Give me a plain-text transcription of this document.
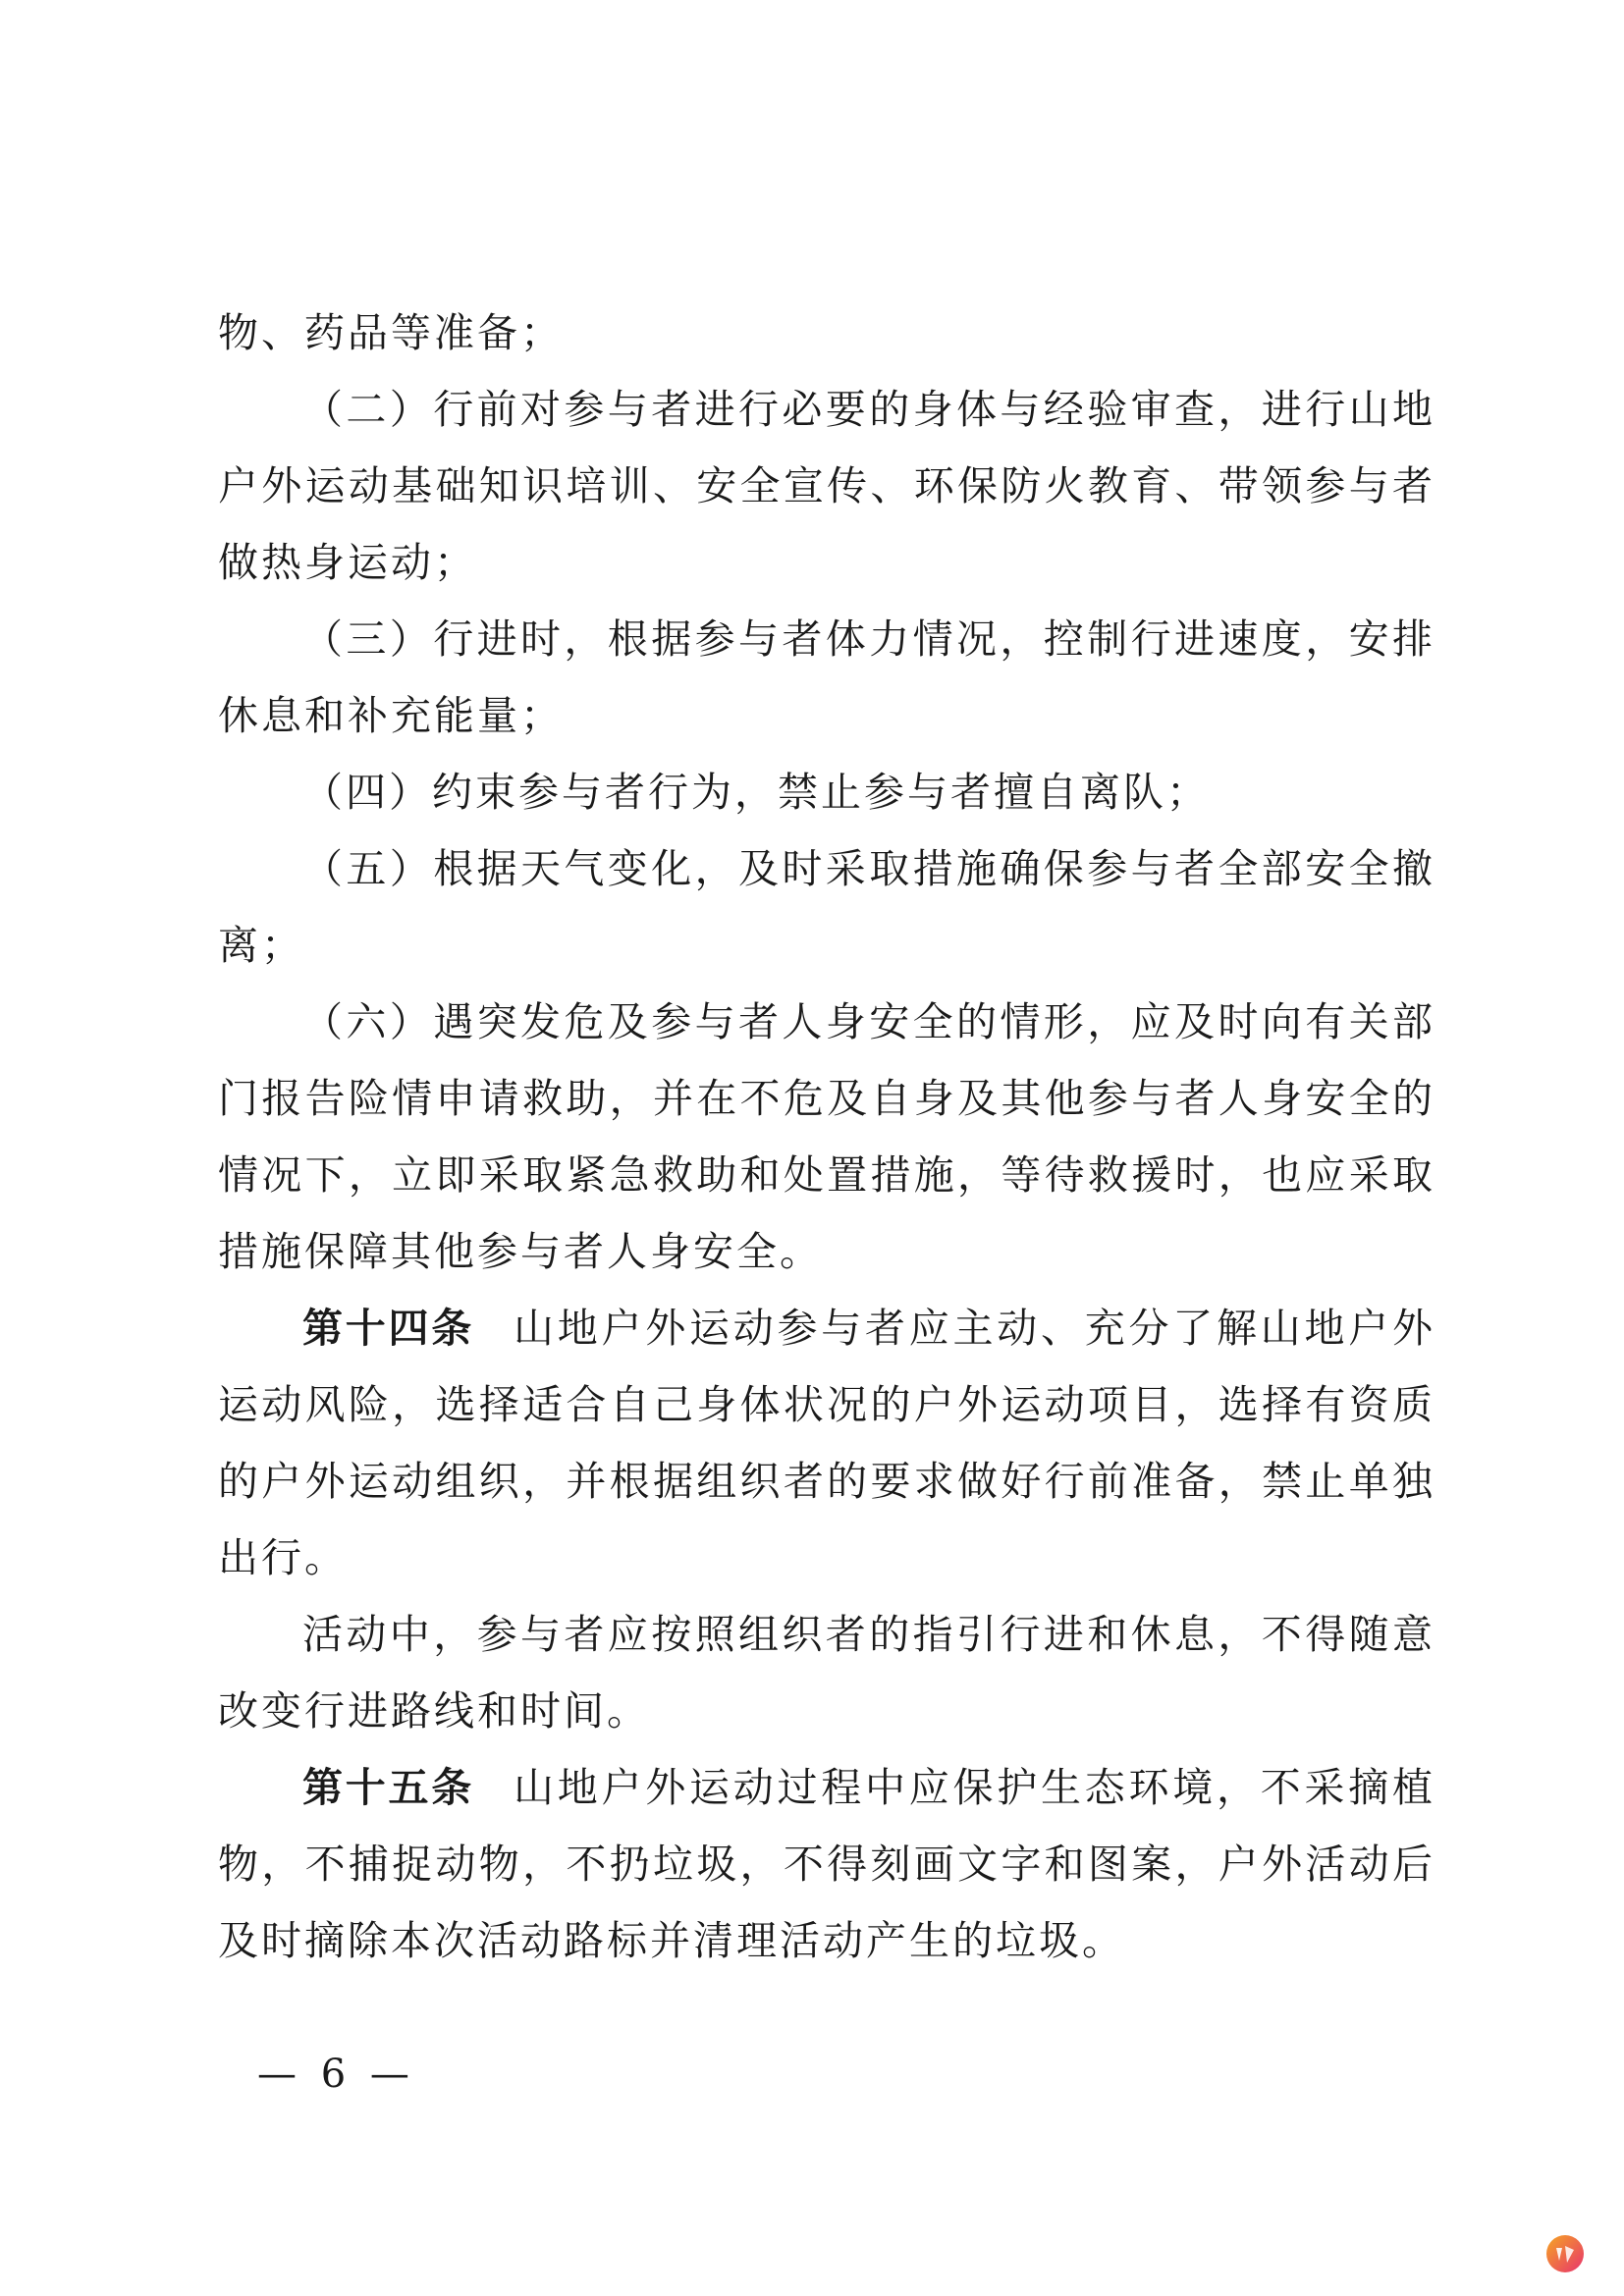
物、药品等准备；

（二）行前对参与者进行必要的身体与经验审查，进行山地户外运动基础知识培训、安全宣传、环保防火教育、带领参与者做热身运动；

（三）行进时，根据参与者体力情况，控制行进速度，安排休息和补充能量；

（四）约束参与者行为，禁止参与者擅自离队；

（五）根据天气变化，及时采取措施确保参与者全部安全撤离；

（六）遇突发危及参与者人身安全的情形，应及时向有关部门报告险情申请救助，并在不危及自身及其他参与者人身安全的情况下，立即采取紧急救助和处置措施，等待救援时，也应采取措施保障其他参与者人身安全。

第十四条 山地户外运动参与者应主动、充分了解山地户外运动风险，选择适合自己身体状况的户外运动项目，选择有资质的户外运动组织，并根据组织者的要求做好行前准备，禁止单独出行。

活动中，参与者应按照组织者的指引行进和休息，不得随意改变行进路线和时间。

第十五条 山地户外运动过程中应保护生态环境，不采摘植物，不捕捉动物，不扔垃圾，不得刻画文字和图案，户外活动后及时摘除本次活动路标并清理活动产生的垃圾。

— 6 —
